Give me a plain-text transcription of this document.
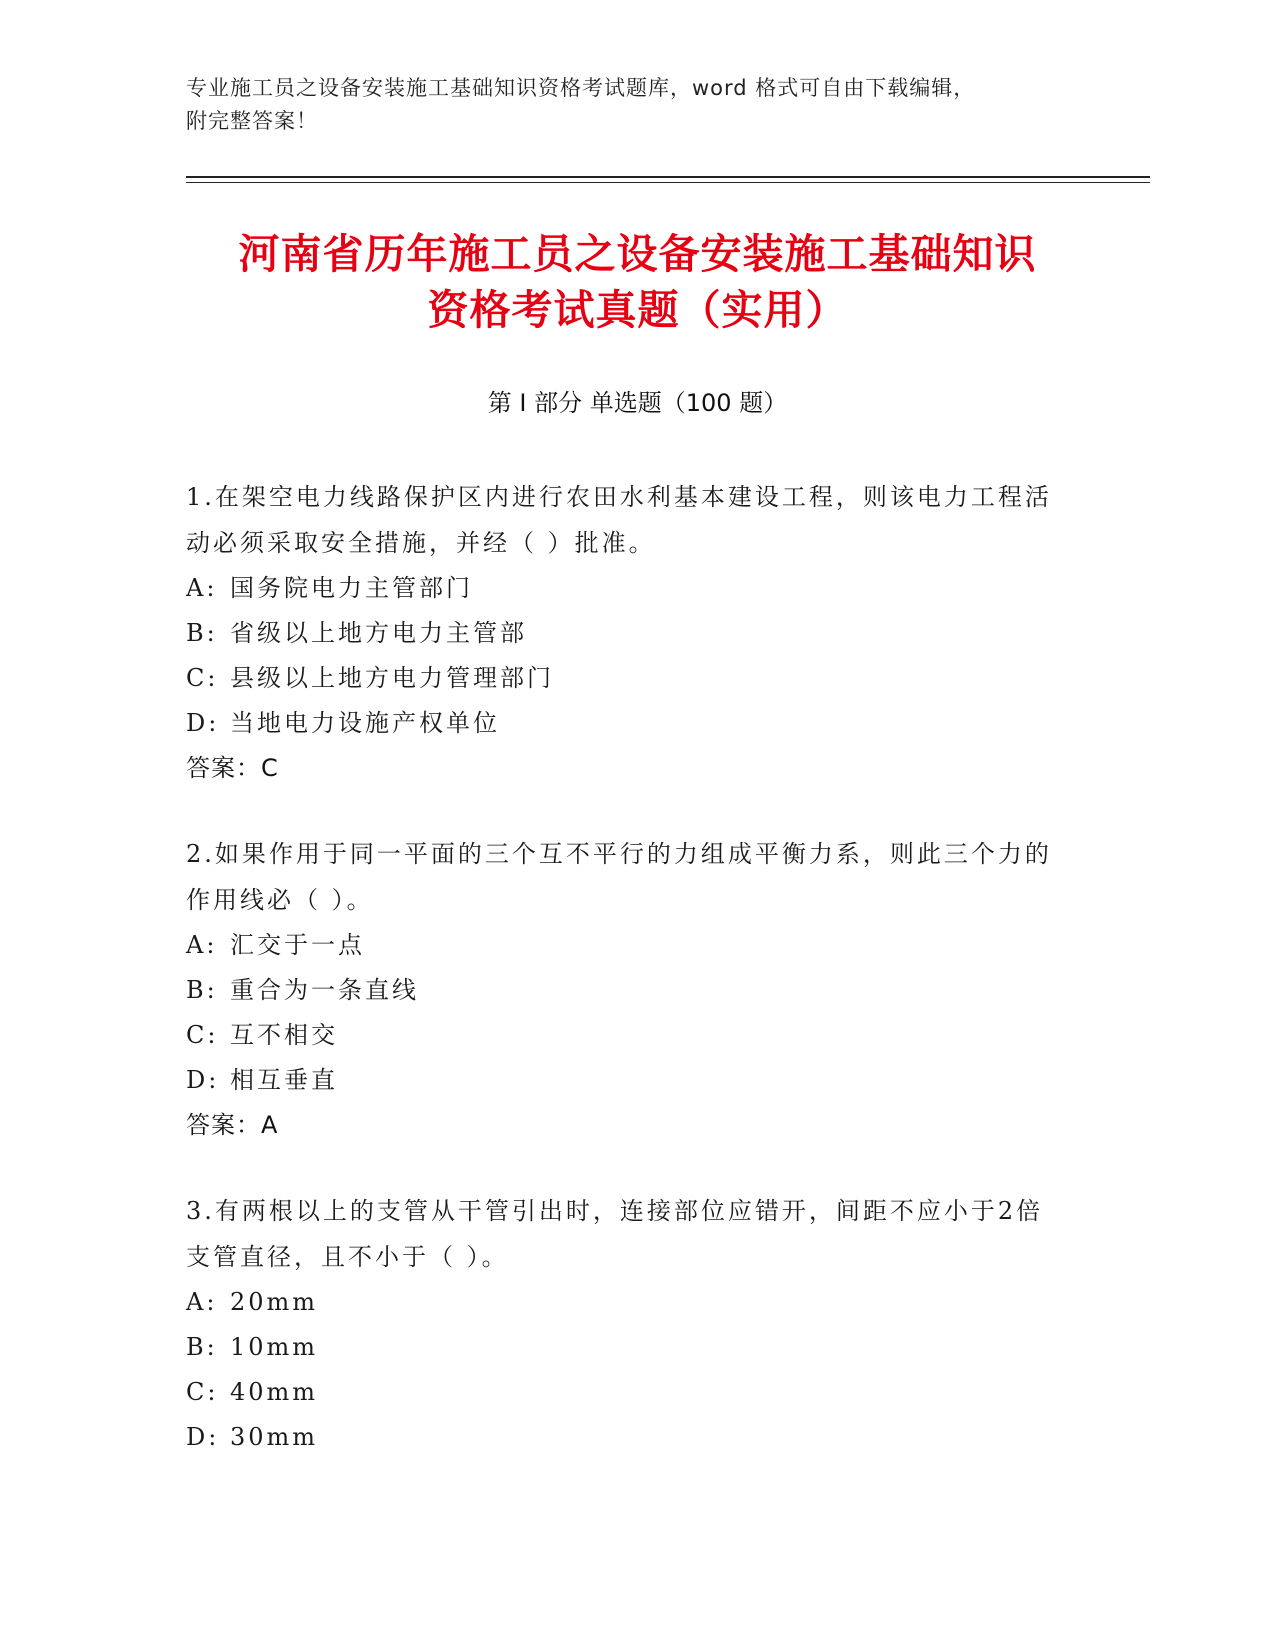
专业施工员之设备安装施工基础知识资格考试题库，word 格式可自由下载编辑，
附完整答案！
河南省历年施工员之设备安装施工基础知识
资格考试真题（实用）
第 I 部分 单选题（100 题）
1.在架空电力线路保护区内进行农田水利基本建设工程，则该电力工程活动必须采取安全措施，并经（ ）批准。
A: 国务院电力主管部门
B: 省级以上地方电力主管部
C: 县级以上地方电力管理部门
D: 当地电力设施产权单位
答案：C
2.如果作用于同一平面的三个互不平行的力组成平衡力系，则此三个力的作用线必（ ）。
A: 汇交于一点
B: 重合为一条直线
C: 互不相交
D: 相互垂直
答案：A
3.有两根以上的支管从干管引出时，连接部位应错开，间距不应小于2倍支管直径，且不小于（ ）。
A: 20mm
B: 10mm
C: 40mm
D: 30mm
